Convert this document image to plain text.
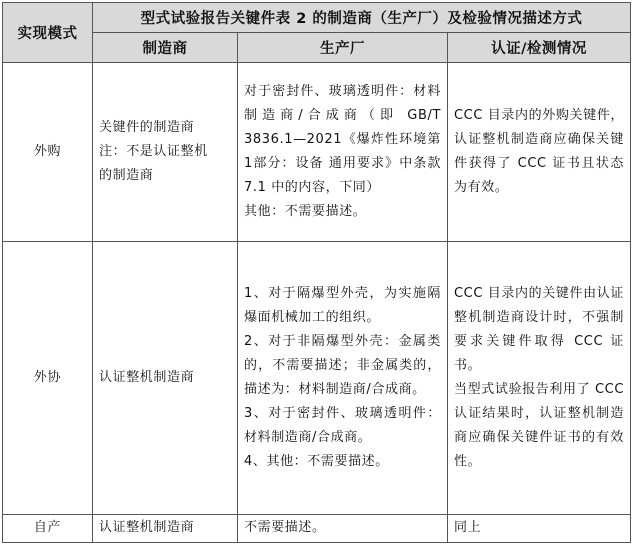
实现模式	型式试验报告关键件表 2 的制造商（生产厂）及检验情况描述方式		
	制造商	生产厂	认证/检测情况
外购	关键件的制造商
注：不是认证整机
的制造商	对于密封件、玻璃透明件：材料制造商/合成商（即 GB/T 3836.1—2021《爆炸性环境第1部分：设备 通用要求》中条款 7.1 中的内容，下同）
其他：不需要描述。	CCC 目录内的外购关键件，认证整机制造商应确保关键件获得了 CCC 证书且状态为有效。

外协	认证整机制造商	1、对于隔爆型外壳，为实施隔爆面机械加工的组织。
2、对于非隔爆型外壳：金属类的，不需要描述；非金属类的，描述为：材料制造商/合成商。
3、对于密封件、玻璃透明件：材料制造商/合成商。
4、其他：不需要描述。	CCC 目录内的关键件由认证整机制造商设计时，不强制要求关键件取得 CCC 证书。
当型式试验报告利用了 CCC 认证结果时，认证整机制造商应确保关键件证书的有效性。

自产	认证整机制造商	不需要描述。	同上
